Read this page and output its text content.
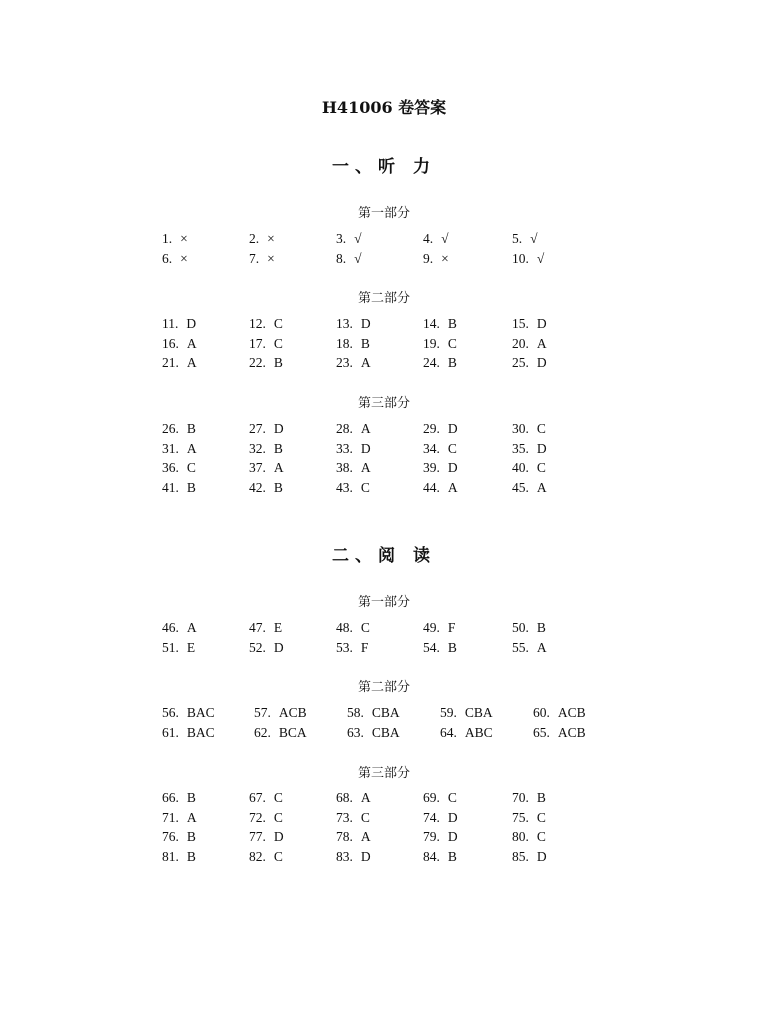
H41006 卷答案
一、听 力
第一部分
1. ×	2. ×	3. √	4. √	5. √
6. ×	7. ×	8. √	9. ×	10. √
第二部分
11. D	12. C	13. D	14. B	15. D
16. A	17. C	18. B	19. C	20. A
21. A	22. B	23. A	24. B	25. D
第三部分
26. B	27. D	28. A	29. D	30. C
31. A	32. B	33. D	34. C	35. D
36. C	37. A	38. A	39. D	40. C
41. B	42. B	43. C	44. A	45. A
二、阅 读
第一部分
46. A	47. E	48. C	49. F	50. B
51. E	52. D	53. F	54. B	55. A
第二部分
56. BAC	57. ACB	58. CBA	59. CBA	60. ACB
61. BAC	62. BCA	63. CBA	64. ABC	65. ACB
第三部分
66. B	67. C	68. A	69. C	70. B
71. A	72. C	73. C	74. D	75. C
76. B	77. D	78. A	79. D	80. C
81. B	82. C	83. D	84. B	85. D
